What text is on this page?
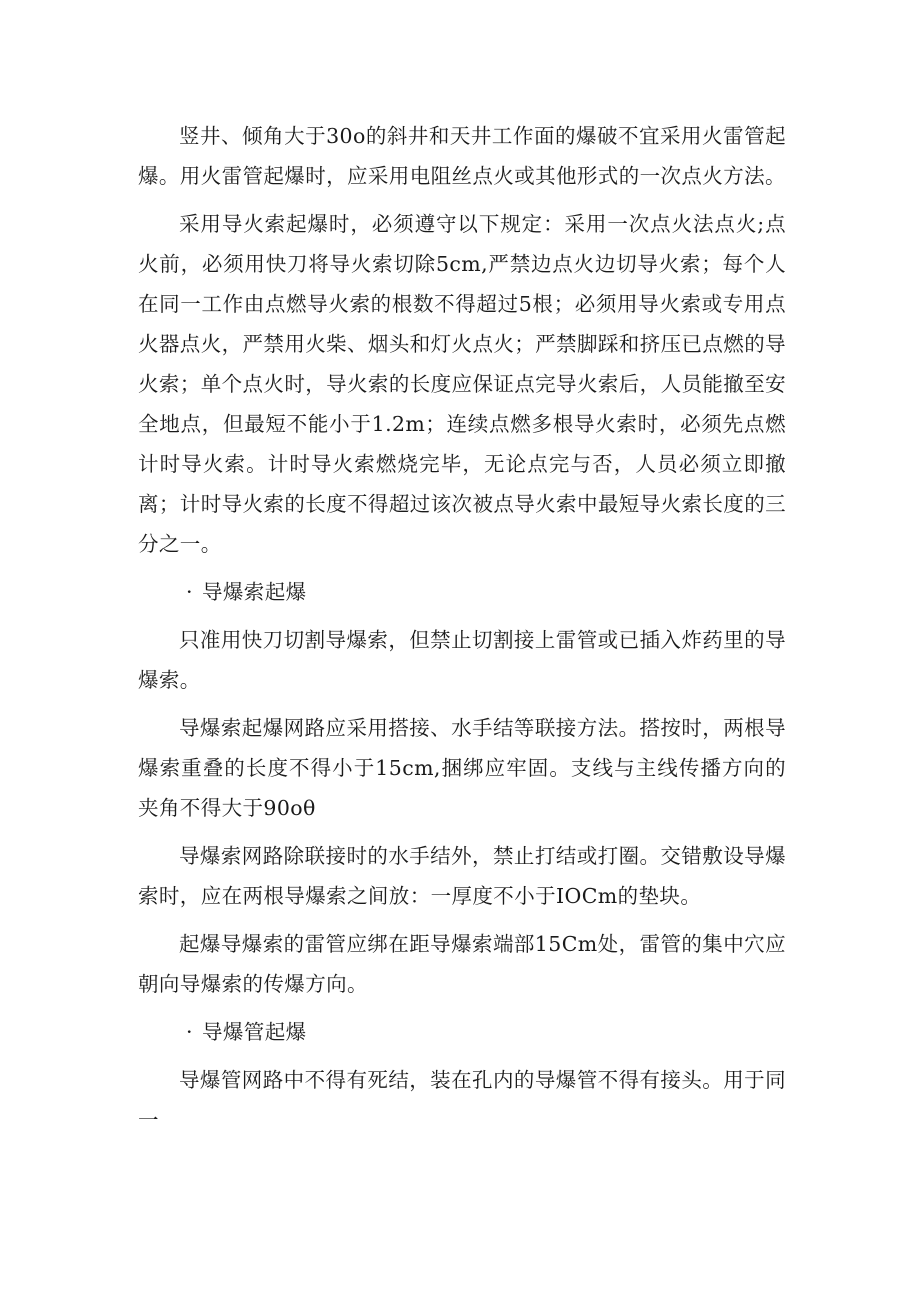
竖井、倾角大于30o的斜井和天井工作面的爆破不宜采用火雷管起爆。用火雷管起爆时，应采用电阻丝点火或其他形式的一次点火方法。

采用导火索起爆时，必须遵守以下规定：采用一次点火法点火;点火前，必须用快刀将导火索切除5cm,严禁边点火边切导火索；每个人在同一工作由点燃导火索的根数不得超过5根；必须用导火索或专用点火器点火，严禁用火柴、烟头和灯火点火；严禁脚踩和挤压已点燃的导火索；单个点火时，导火索的长度应保证点完导火索后，人员能撤至安全地点，但最短不能小于1.2m；连续点燃多根导火索时，必须先点燃计时导火索。计时导火索燃烧完毕，无论点完与否，人员必须立即撤离；计时导火索的长度不得超过该次被点导火索中最短导火索长度的三分之一。

· 导爆索起爆

只准用快刀切割导爆索，但禁止切割接上雷管或已插入炸药里的导爆索。

导爆索起爆网路应采用搭接、水手结等联接方法。搭按时，两根导爆索重叠的长度不得小于15cm,捆绑应牢固。支线与主线传播方向的夹角不得大于90oθ

导爆索网路除联接时的水手结外，禁止打结或打圈。交错敷设导爆索时，应在两根导爆索之间放：一厚度不小于IOCm的垫块。

起爆导爆索的雷管应绑在距导爆索端部15Cm处，雷管的集中穴应朝向导爆索的传爆方向。

· 导爆管起爆

导爆管网路中不得有死结，装在孔内的导爆管不得有接头。用于同一
